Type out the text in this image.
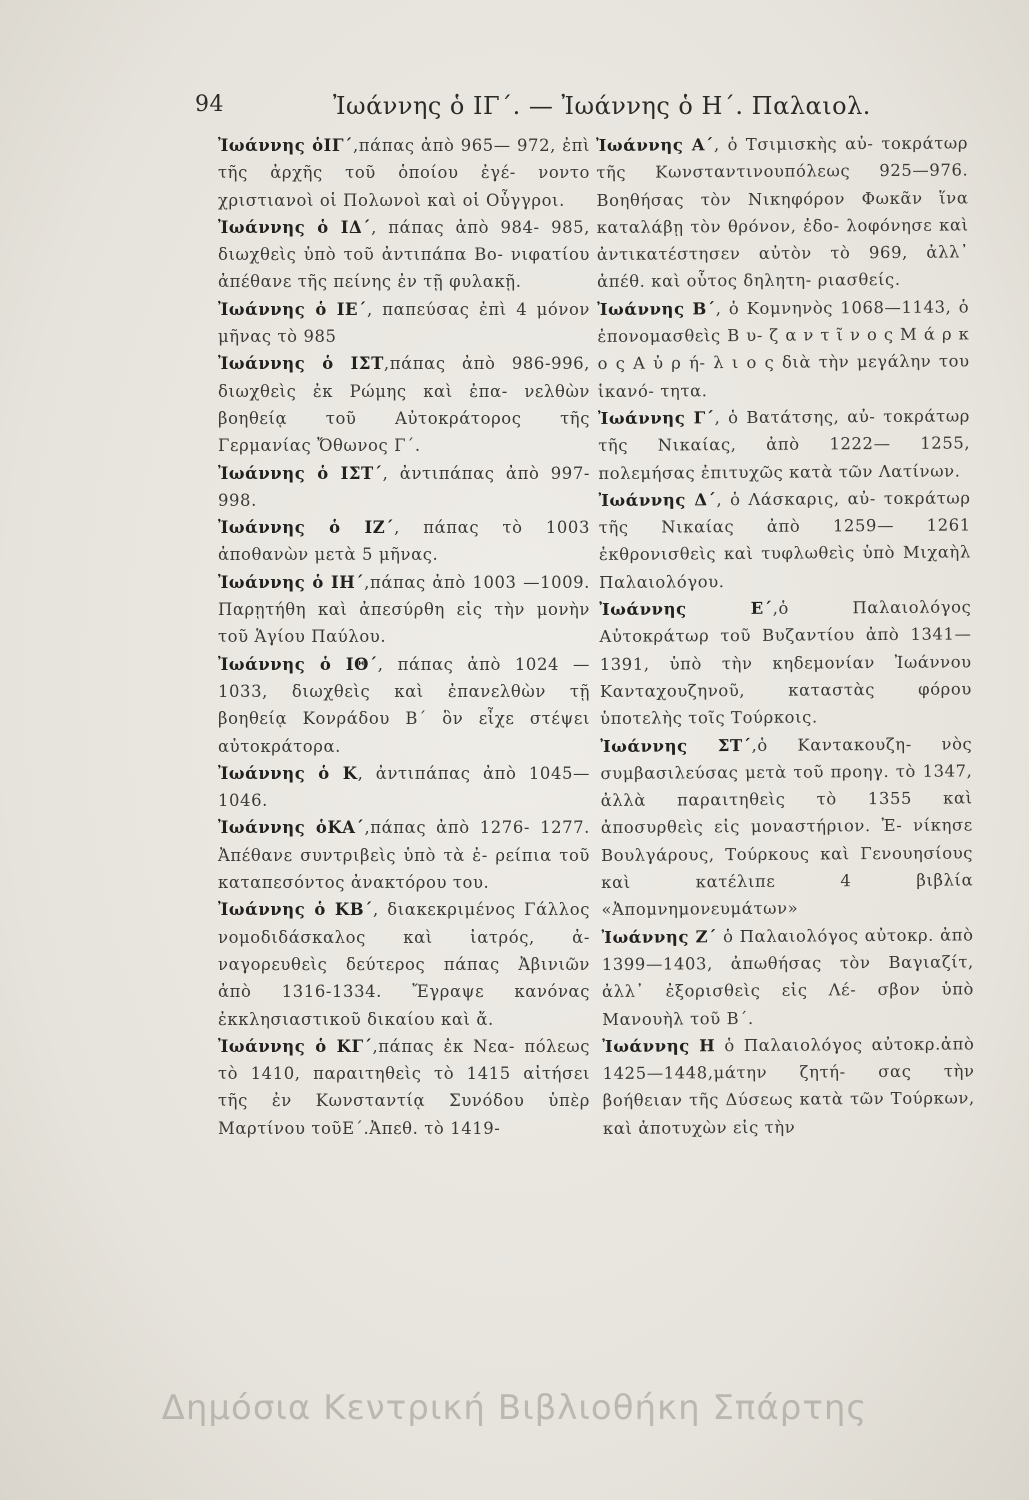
94	Ἰωάννης ὁ ΙΓ΄. — Ἰωάννης ὁ Η΄. Παλαιολ.

Ἰωάννης ὁΙΓ΄,πάπας ἀπὸ 965— 972, ἐπὶ τῆς ἀρχῆς τοῦ ὁποίου ἐγέ- νοντο χριστιανοὶ οἱ Πολωνοὶ καὶ οἱ Οὖγγροι.

Ἰωάννης ὁ ΙΔ΄, πάπας ἀπὸ 984- 985, διωχθεὶς ὑπὸ τοῦ ἀντιπάπα Βο- νιφατίου ἀπέθανε τῆς πείνης ἐν τῇ φυλακῇ.

Ἰωάννης ὁ ΙΕ΄, παπεύσας ἐπὶ 4 μόνον μῆνας τὸ 985

Ἰωάννης ὁ ΙΣΤ,πάπας ἀπὸ 986-996, διωχθεὶς ἐκ Ρώμης καὶ ἐπα- νελθὼν βοηθείᾳ τοῦ Αὐτοκράτορος τῆς Γερμανίας Ὄθωνος Γ΄.

Ἰωάννης ὁ ΙΣΤ΄, ἀντιπάπας ἀπὸ 997-998.

Ἰωάννης ὁ ΙΖ΄, πάπας τὸ 1003 ἀποθανὼν μετὰ 5 μῆνας.

Ἰωάννης ὁ ΙΗ΄,πάπας ἀπὸ 1003 —1009. Παρῃτήθη καὶ ἀπεσύρθη εἰς τὴν μονὴν τοῦ Ἁγίου Παύλου.

Ἰωάννης ὁ ΙΘ΄, πάπας ἀπὸ 1024 —1033, διωχθεὶς καὶ ἐπανελθὼν τῇ βοηθείᾳ Κονράδου Β΄ ὃν εἶχε στέψει αὐτοκράτορα.

Ἰωάννης ὁ Κ, ἀντιπάπας ἀπὸ 1045—1046.

Ἰωάννης ὁΚΑ΄,πάπας ἀπὸ 1276- 1277. Ἀπέθανε συντριβεὶς ὑπὸ τὰ ἐ- ρείπια τοῦ καταπεσόντος ἀνακτόρου του.

Ἰωάννης ὁ ΚΒ΄, διακεκριμένος Γάλλος νομοδιδάσκαλος καὶ ἰατρός, ἀ- ναγορευθεὶς δεύτερος πάπας Ἀβινιῶν ἀπὸ 1316-1334. Ἔγραψε κανόνας ἐκκλησιαστικοῦ δικαίου καὶ ἄ.

Ἰωάννης ὁ ΚΓ΄,πάπας ἐκ Νεα- πόλεως τὸ 1410, παραιτηθεὶς τὸ 1415 αἰτήσει τῆς ἐν Κωνσταντίᾳ Συνόδου ὑπὲρ Μαρτίνου τοῦΕ΄.Ἀπεθ. τὸ 1419-

Ἰωάννης Α΄, ὁ Τσιμισκὴς αὐ- τοκράτωρ τῆς Κωνσταντινουπόλεως 925—976. Βοηθήσας τὸν Νικηφόρον Φωκᾶν ἵνα καταλάβῃ τὸν θρόνον, ἐδο- λοφόνησε καὶ ἀντικατέστησεν αὐτὸν τὸ 969, ἀλλ᾽ ἀπέθ. καὶ οὗτος δηλητη- ριασθείς.

Ἰωάννης Β΄, ὁ Κομνηνὸς 1068—1143, ὁ ἐπονομασθεὶς Β υ- ζ α ν τ ῖ ν ο ς Μ ά ρ κ ο ς Α ὐ ρ ή- λ ι ο ς διὰ τὴν μεγάλην του ἱκανό- τητα.

Ἰωάννης Γ΄, ὁ Βατάτσης, αὐ- τοκράτωρ τῆς Νικαίας, ἀπὸ 1222— 1255, πολεμήσας ἐπιτυχῶς κατὰ τῶν Λατίνων.

Ἰωάννης Δ΄, ὁ Λάσκαρις, αὐ- τοκράτωρ τῆς Νικαίας ἀπὸ 1259— 1261 ἐκθρονισθεὶς καὶ τυφλωθεὶς ὑπὸ Μιχαὴλ Παλαιολόγου.

Ἰωάννης Ε΄,ὁ Παλαιολόγος Αὐτοκράτωρ τοῦ Βυζαντίου ἀπὸ 1341—1391, ὑπὸ τὴν κηδεμονίαν Ἰωάννου Κανταχουζηνοῦ, καταστὰς φόρου ὑποτελὴς τοῖς Τούρκοις.

Ἰωάννης ΣΤ΄,ὁ Καντακουζη- νὸς συμβασιλεύσας μετὰ τοῦ προηγ. τὸ 1347, ἀλλὰ παραιτηθεὶς τὸ 1355 καὶ ἀποσυρθεὶς εἰς μοναστήριον. Ἐ- νίκησε Βουλγάρους, Τούρκους καὶ Γενουησίους καὶ κατέλιπε 4 βιβλία «Ἀπομνημονευμάτων»

Ἰωάννης Ζ΄ ὁ Παλαιολόγος αὐτοκρ. ἀπὸ 1399—1403, ἀπωθήσας τὸν Βαγιαζίτ, ἀλλ᾽ ἐξορισθεὶς εἰς Λέ- σβον ὑπὸ Μανουὴλ τοῦ Β΄.

Ἰωάννης Η ὁ Παλαιολόγος αὐτοκρ.ἀπὸ 1425—1448,μάτην ζητή- σας τὴν βοήθειαν τῆς Δύσεως κατὰ τῶν Τούρκων, καὶ ἀποτυχὼν εἰς τὴν

Δημόσια Κεντρική Βιβλιοθήκη Σπάρτης
